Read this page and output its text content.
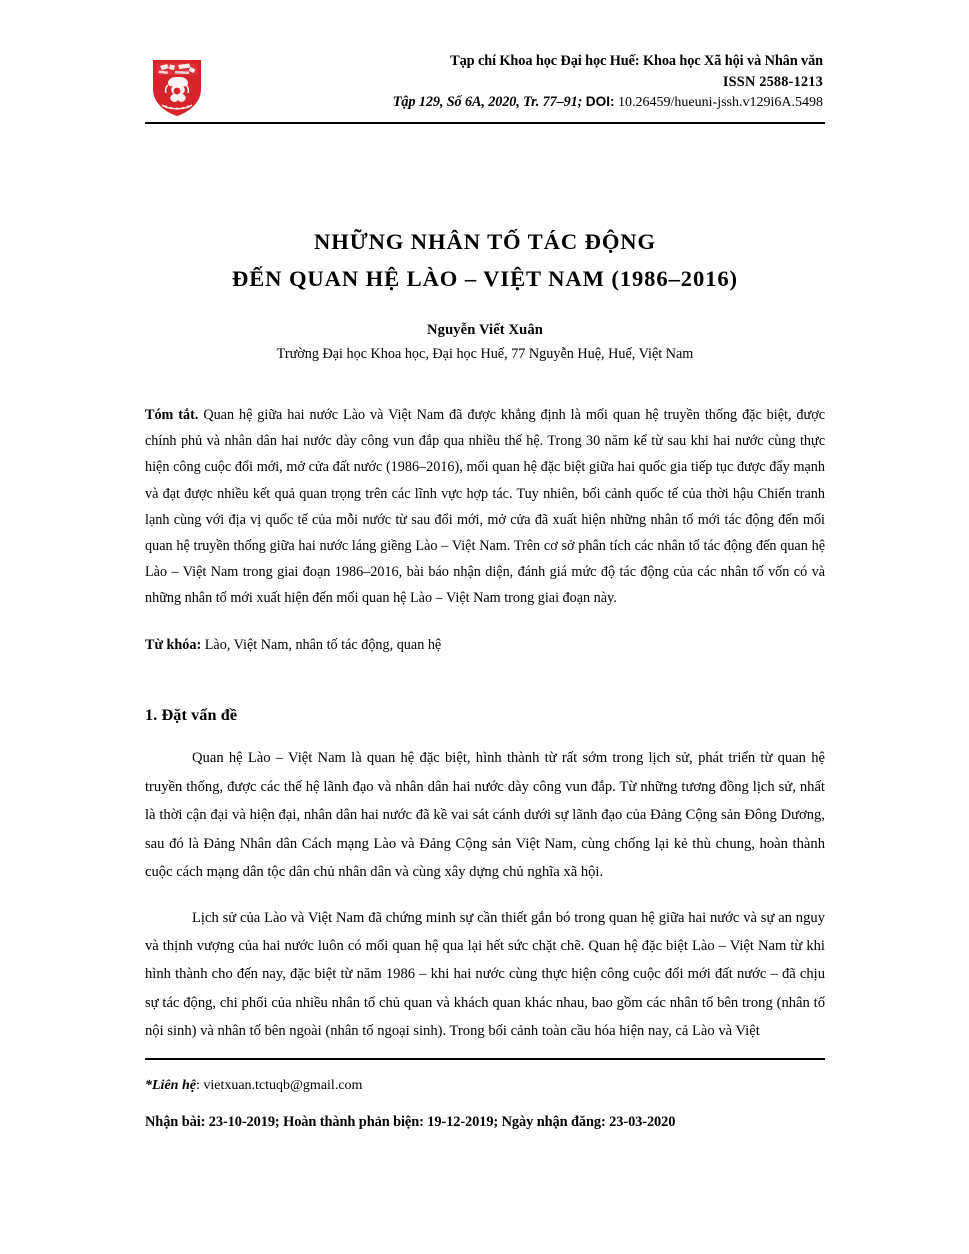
Tạp chí Khoa học Đại học Huế: Khoa học Xã hội và Nhân văn
ISSN 2588-1213
Tập 129, Số 6A, 2020, Tr. 77–91; DOI: 10.26459/hueuni-jssh.v129i6A.5498
NHỮNG NHÂN TỐ TÁC ĐỘNG
ĐẾN QUAN HỆ LÀO – VIỆT NAM (1986–2016)
Nguyễn Viết Xuân
Trường Đại học Khoa học, Đại học Huế, 77 Nguyễn Huệ, Huế, Việt Nam
Tóm tắt. Quan hệ giữa hai nước Lào và Việt Nam đã được khẳng định là mối quan hệ truyền thống đặc biệt, được chính phủ và nhân dân hai nước dày công vun đắp qua nhiều thế hệ. Trong 30 năm kể từ sau khi hai nước cùng thực hiện công cuộc đổi mới, mở cửa đất nước (1986–2016), mối quan hệ đặc biệt giữa hai quốc gia tiếp tục được đẩy mạnh và đạt được nhiều kết quả quan trọng trên các lĩnh vực hợp tác. Tuy nhiên, bối cảnh quốc tế của thời hậu Chiến tranh lạnh cùng với địa vị quốc tế của mỗi nước từ sau đổi mới, mở cửa đã xuất hiện những nhân tố mới tác động đến mối quan hệ truyền thống giữa hai nước láng giềng Lào – Việt Nam. Trên cơ sở phân tích các nhân tố tác động đến quan hệ Lào – Việt Nam trong giai đoạn 1986–2016, bài báo nhận diện, đánh giá mức độ tác động của các nhân tố vốn có và những nhân tố mới xuất hiện đến mối quan hệ Lào – Việt Nam trong giai đoạn này.
Từ khóa: Lào, Việt Nam, nhân tố tác động, quan hệ
1. Đặt vấn đề

Quan hệ Lào – Việt Nam là quan hệ đặc biệt, hình thành từ rất sớm trong lịch sử, phát triển từ quan hệ truyền thống, được các thế hệ lãnh đạo và nhân dân hai nước dày công vun đắp. Từ những tương đồng lịch sử, nhất là thời cận đại và hiện đại, nhân dân hai nước đã kề vai sát cánh dưới sự lãnh đạo của Đảng Cộng sản Đông Dương, sau đó là Đảng Nhân dân Cách mạng Lào và Đảng Cộng sản Việt Nam, cùng chống lại kẻ thù chung, hoàn thành cuộc cách mạng dân tộc dân chủ nhân dân và cùng xây dựng chủ nghĩa xã hội.

Lịch sử của Lào và Việt Nam đã chứng minh sự cần thiết gắn bó trong quan hệ giữa hai nước và sự an nguy và thịnh vượng của hai nước luôn có mối quan hệ qua lại hết sức chặt chẽ. Quan hệ đặc biệt Lào – Việt Nam từ khi hình thành cho đến nay, đặc biệt từ năm 1986 – khi hai nước cùng thực hiện công cuộc đổi mới đất nước – đã chịu sự tác động, chi phối của nhiều nhân tố chủ quan và khách quan khác nhau, bao gồm các nhân tố bên trong (nhân tố nội sinh) và nhân tố bên ngoài (nhân tố ngoại sinh). Trong bối cảnh toàn cầu hóa hiện nay, cả Lào và Việt

*Liên hệ: vietxuan.tctuqb@gmail.com
Nhận bài: 23-10-2019; Hoàn thành phản biện: 19-12-2019; Ngày nhận đăng: 23-03-2020
